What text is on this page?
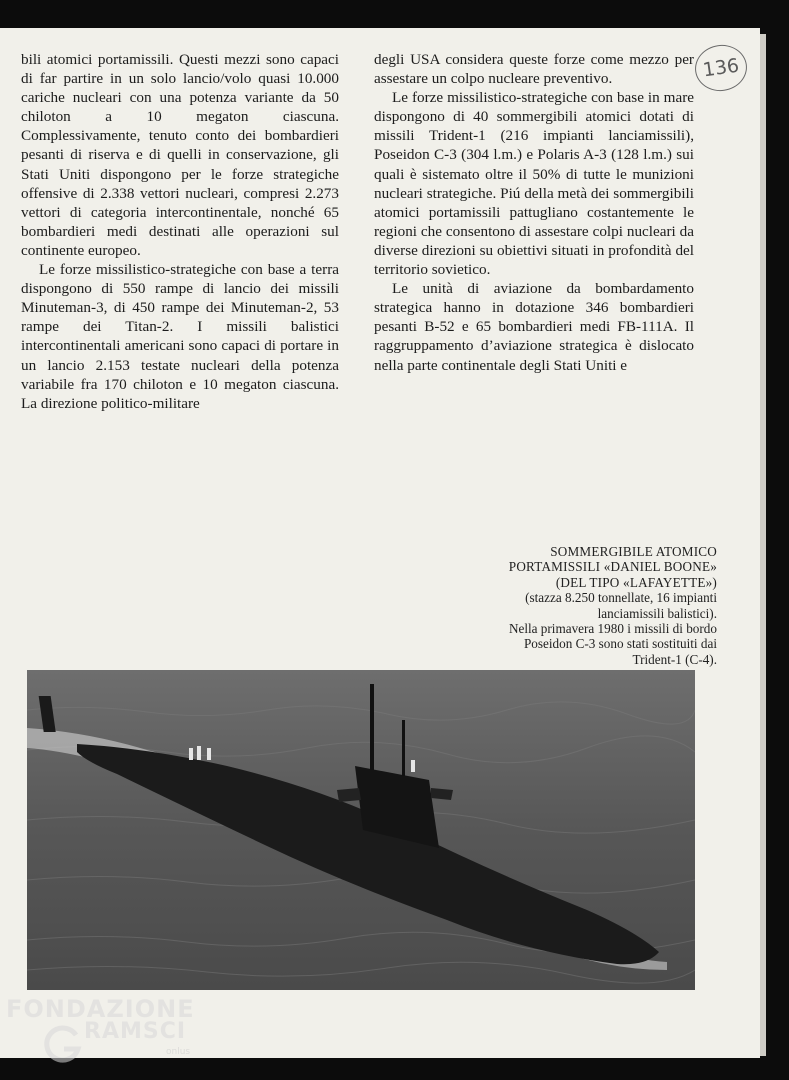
136

bili atomici portamissili. Questi mezzi sono capaci di far partire in un solo lancio/volo quasi 10.000 cariche nucleari con una potenza variante da 50 chiloton a 10 megaton ciascuna. Complessivamente, tenuto conto dei bombardieri pesanti di riserva e di quelli in conservazione, gli Stati Uniti dispongono per le forze strategiche offensive di 2.338 vettori nucleari, compresi 2.273 vettori di categoria intercontinentale, nonché 65 bombardieri medi destinati alle operazioni sul continente europeo.

Le forze missilistico-strategiche con base a terra dispongono di 550 rampe di lancio dei missili Minuteman-3, di 450 rampe dei Minuteman-2, 53 rampe dei Titan-2. I missili balistici intercontinentali americani sono capaci di portare in un lancio 2.153 testate nucleari della potenza variabile fra 170 chiloton e 10 megaton ciascuna. La direzione politico-militare

degli USA considera queste forze come mezzo per assestare un colpo nucleare preventivo.

Le forze missilistico-strategiche con base in mare dispongono di 40 sommergibili atomici dotati di missili Trident-1 (216 impianti lanciamissili), Poseidon C-3 (304 l.m.) e Polaris A-3 (128 l.m.) sui quali è sistemato oltre il 50% di tutte le munizioni nucleari strategiche. Piú della metà dei sommergibili atomici portamissili pattugliano costantemente le regioni che consentono di assestare colpi nucleari da diverse direzioni su obiettivi situati in profondità del territorio sovietico.

Le unità di aviazione da bombardamento strategica hanno in dotazione 346 bombardieri pesanti B-52 e 65 bombardieri medi FB-111A. Il raggruppamento d’aviazione strategica è dislocato nella parte continentale degli Stati Uniti e

SOMMERGIBILE ATOMICO
PORTAMISSILI «DANIEL BOONE»
(DEL TIPO «LAFAYETTE»)
(stazza 8.250 tonnellate, 16 impianti
lanciamissili balistici).
Nella primavera 1980 i missili di bordo
Poseidon C-3 sono stati sostituiti dai
Trident-1 (C-4).
FONDAZIONE
RAMSCI
onlus
